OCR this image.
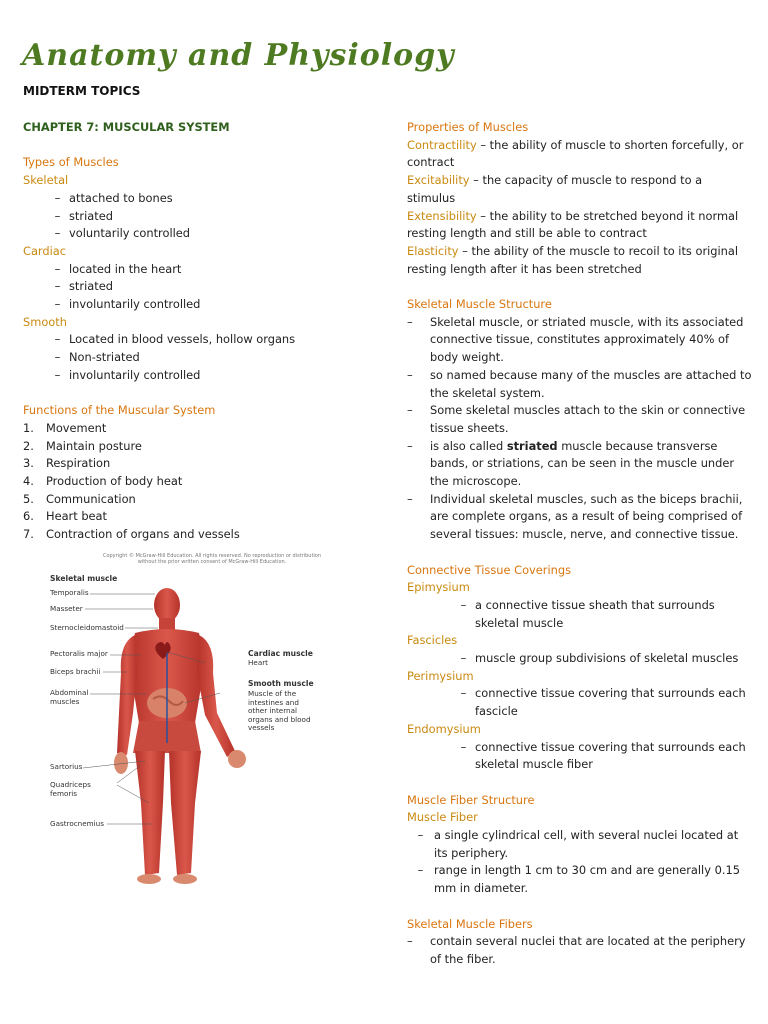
Anatomy and Physiology
MIDTERM TOPICS
CHAPTER 7: MUSCULAR SYSTEM
Types of Muscles
Skeletal
– attached to bones
– striated
– voluntarily controlled
Cardiac
– located in the heart
– striated
– involuntarily controlled
Smooth
– Located in blood vessels, hollow organs
– Non-striated
– involuntarily controlled
Functions of the Muscular System
1.	Movement
2.	Maintain posture
3.	Respiration
4.	Production of body heat
5.	Communication
6.	Heart beat
7.	Contraction of organs and vessels
Copyright © McGraw-Hill Education. All rights reserved. No reproduction or distribution without the prior written consent of McGraw-Hill Education.
Skeletal muscle
Temporalis
Masseter
Sternocleidomastoid
Pectoralis major
Biceps brachii
Abdominal
muscles
Sartorius
Quadriceps
femoris
Gastrocnemius
Cardiac muscle
Heart
Smooth muscle
Muscle of the intestines and other internal organs and blood vessels
Properties of Muscles
Contractility – the ability of muscle to shorten forcefully, or contract
Excitability – the capacity of muscle to respond to a stimulus
Extensibility – the ability to be stretched beyond it normal resting length and still be able to contract
Elasticity – the ability of the muscle to recoil to its original resting length after it has been stretched
Skeletal Muscle Structure
–	Skeletal muscle, or striated muscle, with its associated connective tissue, constitutes approximately 40% of body weight.
–	so named because many of the muscles are attached to the skeletal system.
–	Some skeletal muscles attach to the skin or connective tissue sheets.
–	is also called striated muscle because transverse bands, or striations, can be seen in the muscle under the microscope.
–	Individual skeletal muscles, such as the biceps brachii, are complete organs, as a result of being comprised of several tissues: muscle, nerve, and connective tissue.
Connective Tissue Coverings
Epimysium
– a connective tissue sheath that surrounds skeletal muscle
Fascicles
– muscle group subdivisions of skeletal muscles
Perimysium
– connective tissue covering that surrounds each fascicle
Endomysium
– connective tissue covering that surrounds each skeletal muscle fiber
Muscle Fiber Structure
Muscle Fiber
– a single cylindrical cell, with several nuclei located at its periphery.
– range in length 1 cm to 30 cm and are generally 0.15 mm in diameter.
Skeletal Muscle Fibers
–	contain several nuclei that are located at the periphery of the fiber.
